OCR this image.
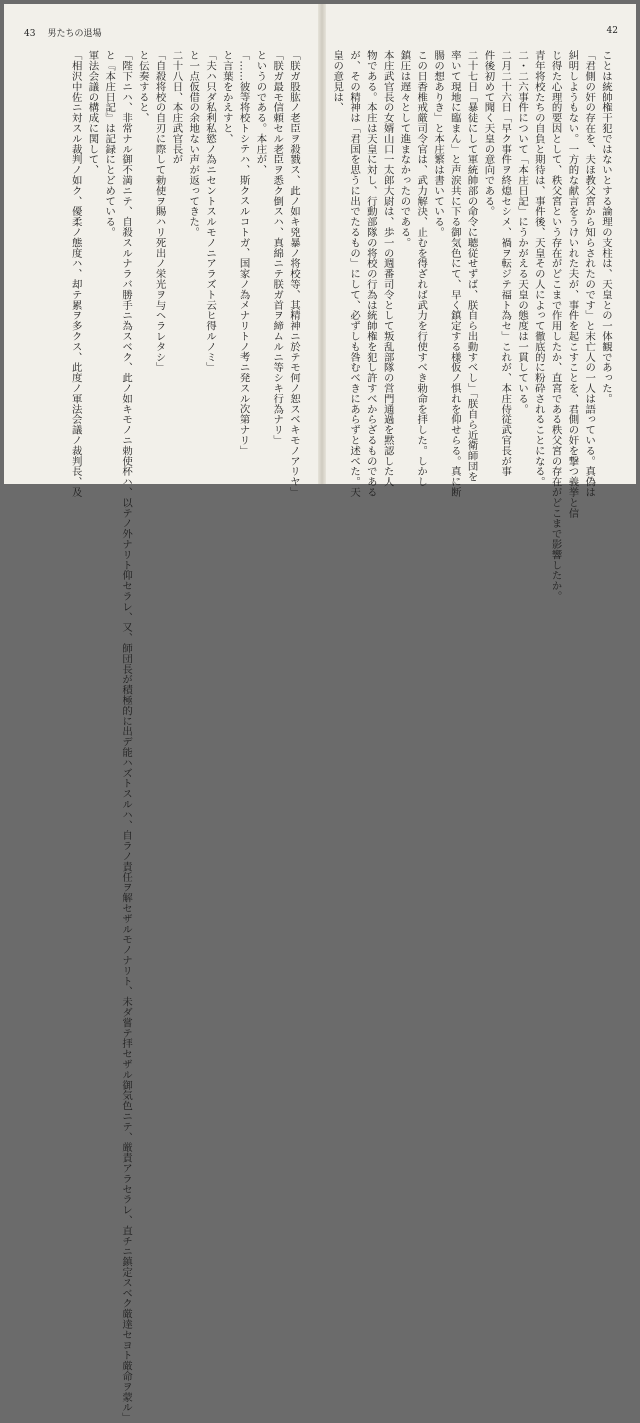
43 男たちの退場

「朕ガ股肱ノ老臣ヲ殺戮ス、此ノ如キ兇暴ノ将校等、其精神ニ於テモ何ノ恕スベキモノアリヤ」

「朕ガ最モ信頼セル老臣ヲ悉ク倒スハ、真綿ニテ朕ガ首ヲ締ムルニ等シキ行為ナリ」

というのである。本庄が、

「……彼等将校トシテハ、斯クスルコトガ、国家ノ為メナリトノ考ニ発スル次第ナリ」

と言葉をかえすと、

「夫ハ只ダ私利私慾ノ為ニセントスルモノニアラズト云ヒ得ルノミ」

と一点仮借の余地ない声が返ってきた。

二十八日、本庄武官長が

「自殺将校の自刃に際して勅使ヲ賜ハリ死出ノ栄光ヲ与ヘラレタシ」

と伝奏すると、

「陛下ニハ、非常ナル御不満ニテ、自殺スルナラバ勝手ニ為スベク、此ノ如キモノニ勅使杯ハ、以テノ外ナリト仰セラレ、又、師団長が積極的に出デ能ハズトスルハ、自ラノ責任ヲ解セザルモノナリト、未ダ嘗テ拝セザル御気色ニテ、厳責アラセラレ、直チニ鎮定スベク厳達セヨト厳命ヲ蒙ル」

と『本庄日記』は記録にとどめている。

軍法会議の構成に関して、

「相沢中佐ニ対スル裁判ノ如ク、優柔ノ態度ハ、却テ累ヲ多クス、此度ノ軍法会議ノ裁判長、及

42

ことは統帥権干犯ではないとする論理の支柱は、天皇との一体観であった。

「君側の奸の存在を、夫ほ教父宮から知らされたのです」と末亡人の一人は語っている。真偽は

糾明しようもない。一方的な献言をうけいれた夫が、事件を起こすことを、君側の奸を撃つ義挙と信

じ得た心理的要因として、秩父宮という存在がどこまで作用したか、直宮である秩父宮の存在がどこまで影響したか。

青年将校たちの自負と期待は、事件後、天皇その人によって徹底的に粉砕されることになる。

二・二六事件について「本庄日記」にうかがえる天皇の態度は一貫している。

二月二十六日「早ク事件ヲ終熄セシメ、禍ヲ転ジテ福ト為セ」これが、本庄侍従武官長が事

件後初めて聞く天皇の意向である。

二十七日「暴徒にして軍統帥部の命令に聴従せずば、朕自ら出動すべし」「朕自ら近衛師団を

率いて現地に臨まん」と声涙共に下る御気色にて、早く鎮定する様仮ノ惧れを仰せらる。真に断

腸の想ありき」と本庄繁は書いている。

この日香椎戒厳司令官は、武力解決、止むを得ざれば武力を行使すべき勅命を拝した。しかし

鎮圧は遅々として進まなかったのである。

本庄武官長の女婿山口一太郎大尉は、歩一の週番司令として叛乱部隊の営門通過を黙認した人

物である。本庄は天皇に対し、行動部隊の将校の行為は統帥権を犯し許すべからざるものである

が、その精神は「君国を思うに出でたるもの」にして、必ずしも咎むべきにあらずと述べた。天

皇の意見は、
